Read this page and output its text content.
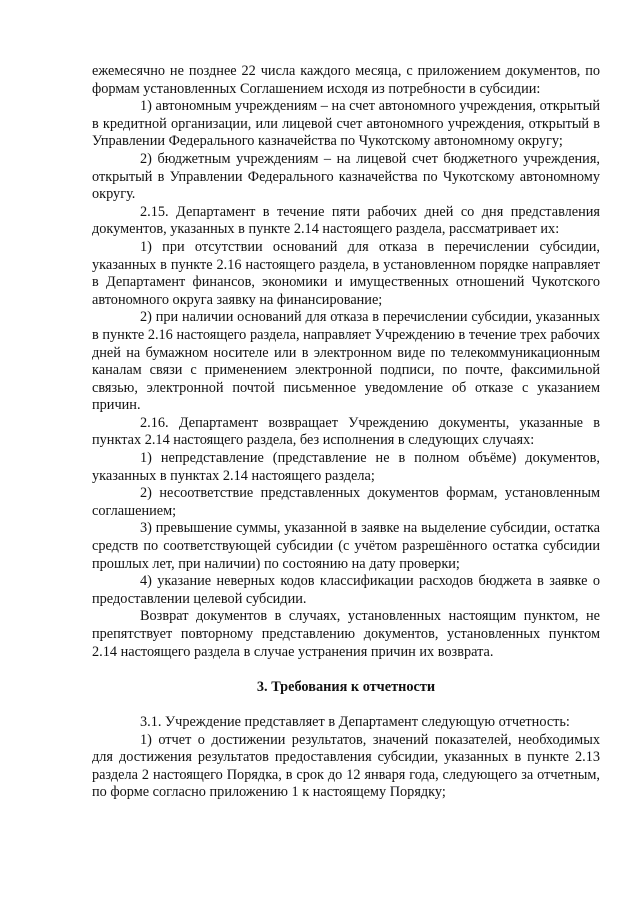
ежемесячно не позднее 22 числа каждого месяца, с приложением документов, по формам установленных Соглашением исходя из потребности в субсидии:

1) автономным учреждениям – на счет автономного учреждения, открытый в кредитной организации, или лицевой счет автономного учреждения, открытый в Управлении Федерального казначейства по Чукотскому автономному округу;

2) бюджетным учреждениям – на лицевой счет бюджетного учреждения, открытый в Управлении Федерального казначейства по Чукотскому автономному округу.

2.15. Департамент в течение пяти рабочих дней со дня представления документов, указанных в пункте 2.14 настоящего раздела, рассматривает их:

1) при отсутствии оснований для отказа в перечислении субсидии, указанных в пункте 2.16 настоящего раздела, в установленном порядке направляет в Департамент финансов, экономики и имущественных отношений Чукотского автономного округа заявку на финансирование;

2) при наличии оснований для отказа в перечислении субсидии, указанных в пункте 2.16 настоящего раздела, направляет Учреждению в течение трех рабочих дней на бумажном носителе или в электронном виде по телекоммуникационным каналам связи с применением электронной подписи, по почте, факсимильной связью, электронной почтой письменное уведомление об отказе с указанием причин.

2.16. Департамент возвращает Учреждению документы, указанные в пунктах 2.14 настоящего раздела, без исполнения в следующих случаях:

1) непредставление (представление не в полном объёме) документов, указанных в пунктах 2.14 настоящего раздела;

2) несоответствие представленных документов формам, установленным соглашением;

3) превышение суммы, указанной в заявке на выделение субсидии, остатка средств по соответствующей субсидии (с учётом разрешённого остатка субсидии прошлых лет, при наличии) по состоянию на дату проверки;

4) указание неверных кодов классификации расходов бюджета в заявке о предоставлении целевой субсидии.

Возврат документов в случаях, установленных настоящим пунктом, не препятствует повторному представлению документов, установленных пунктом 2.14 настоящего раздела в случае устранения причин их возврата.

3. Требования к отчетности

3.1. Учреждение представляет в Департамент следующую отчетность:

1) отчет о достижении результатов, значений показателей, необходимых для достижения результатов предоставления субсидии, указанных в пункте 2.13 раздела 2 настоящего Порядка, в срок до 12 января года, следующего за отчетным, по форме согласно приложению 1 к настоящему Порядку;
